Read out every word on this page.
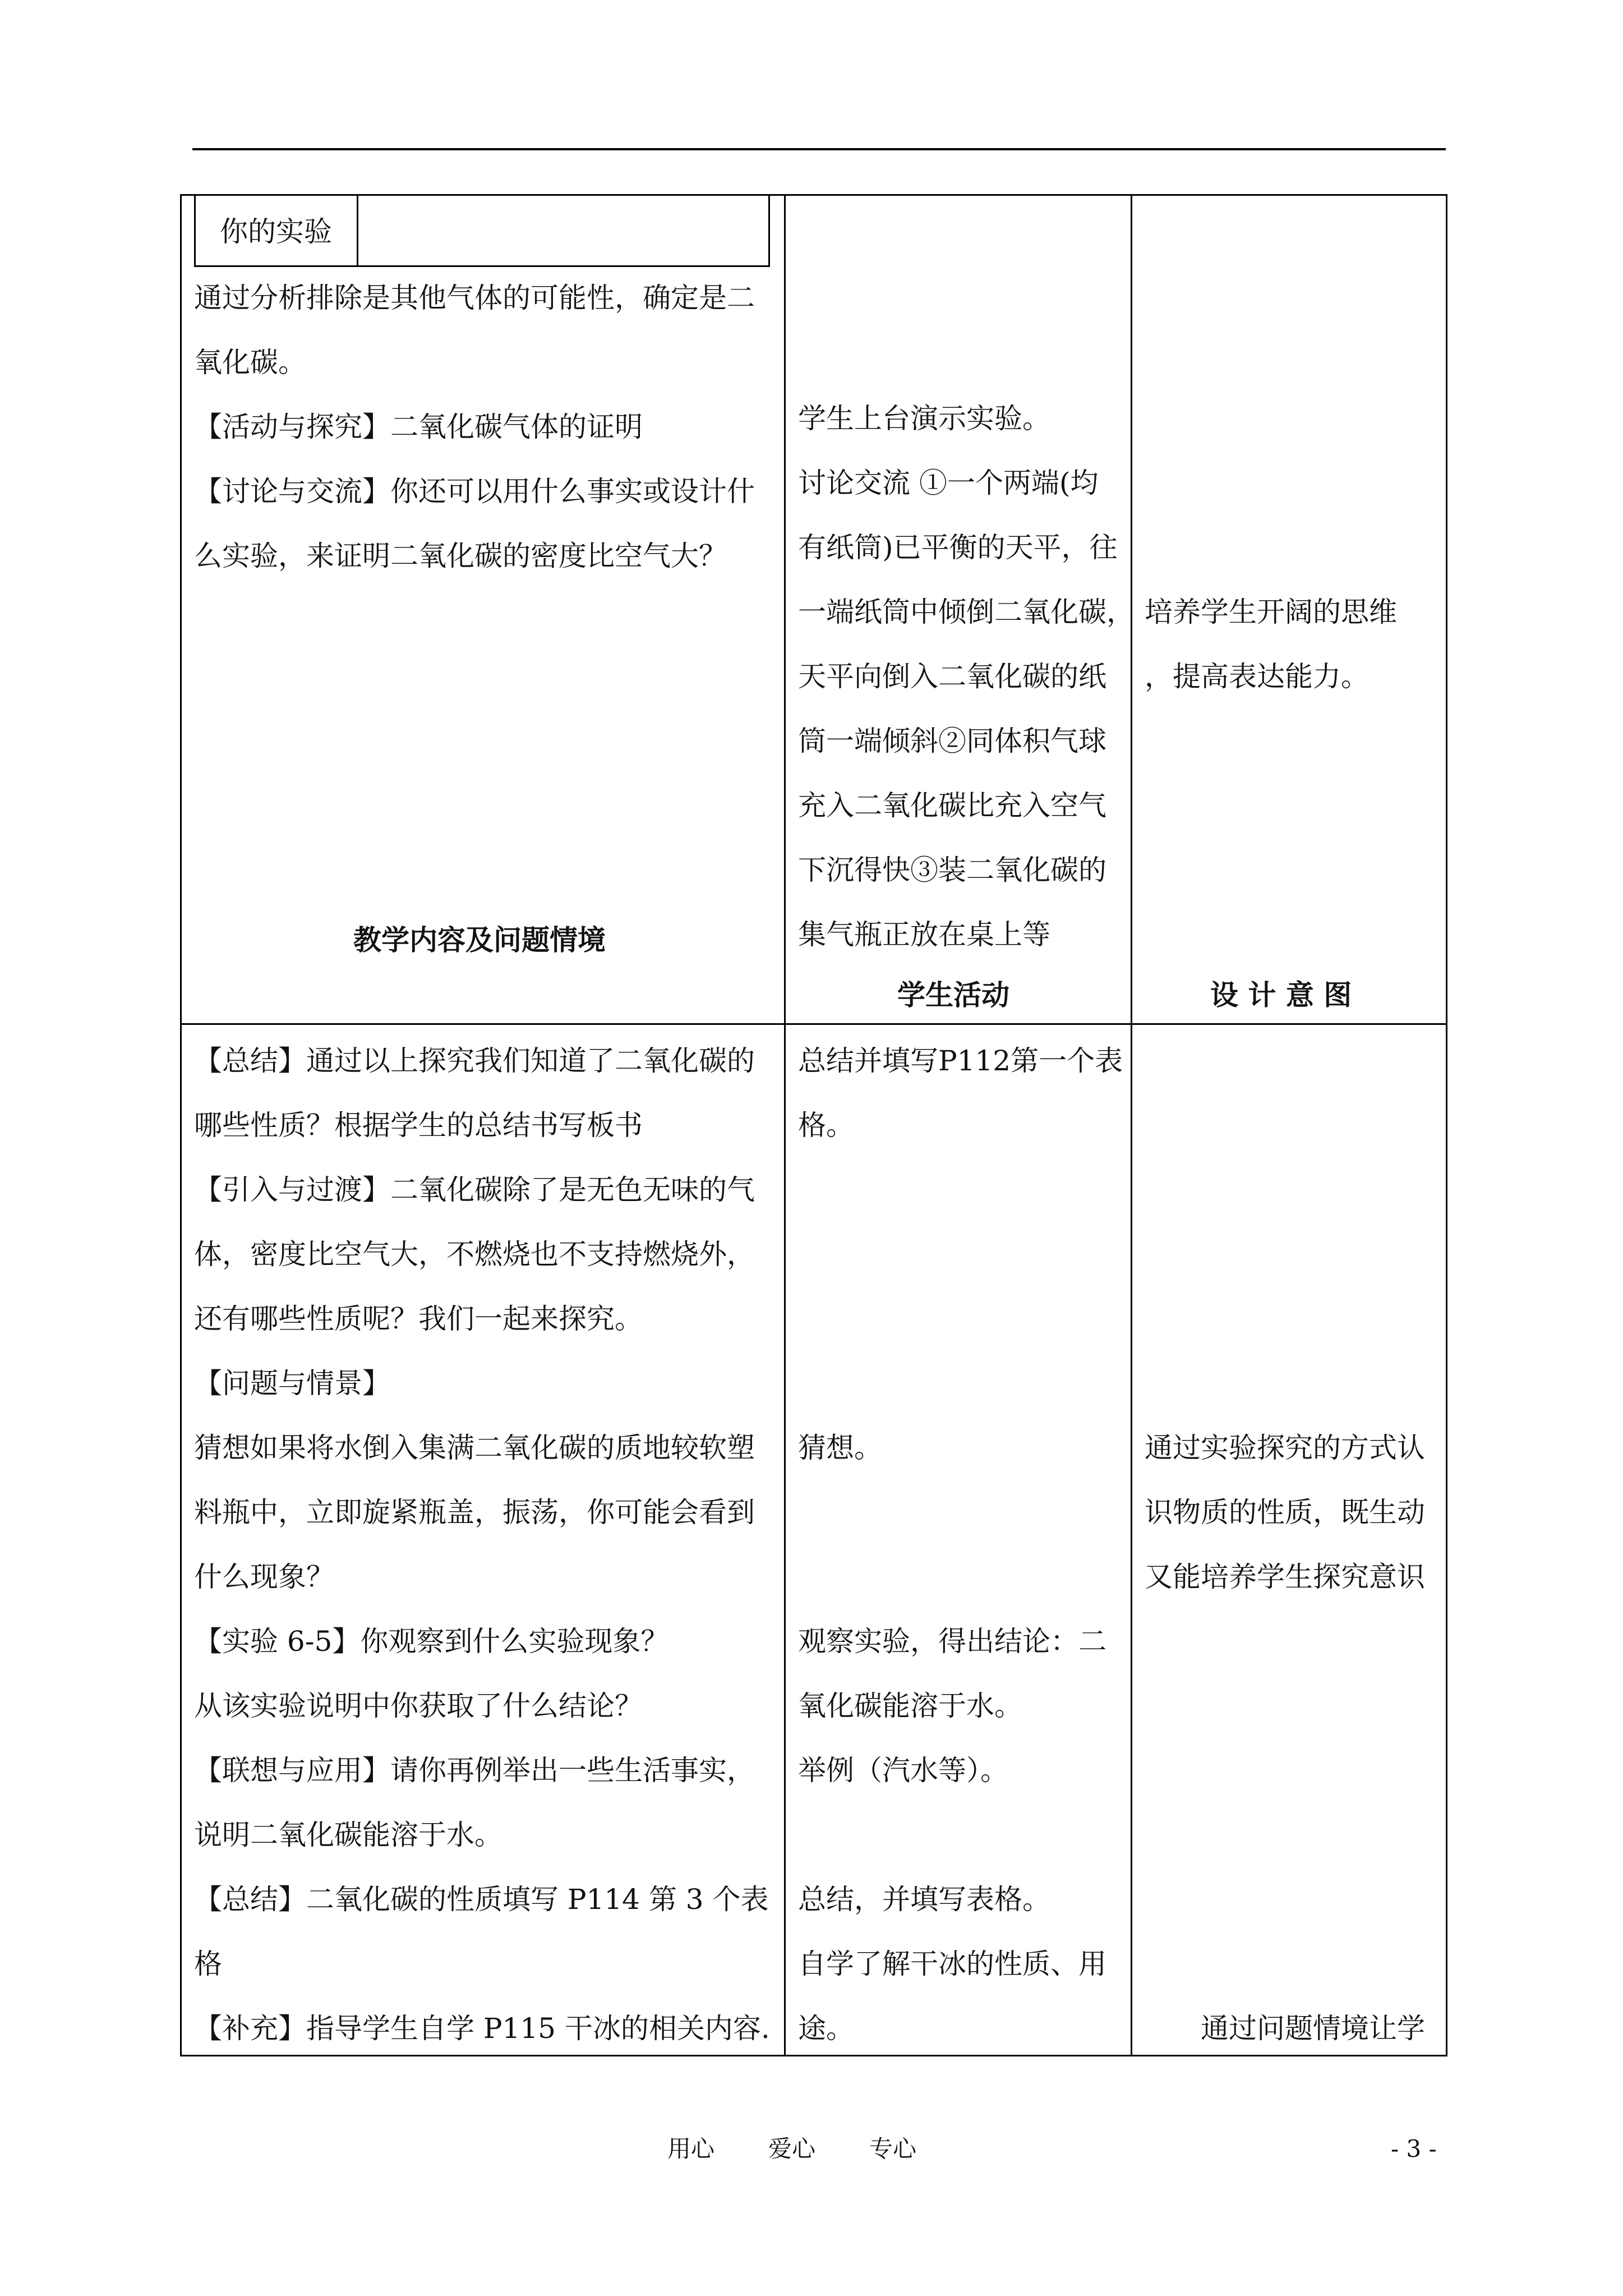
你的实验
通过分析排除是其他气体的可能性，确定是二
氧化碳。
【活动与探究】二氧化碳气体的证明
【讨论与交流】你还可以用什么事实或设计什
么实验，来证明二氧化碳的密度比空气大？
学生上台演示实验。
讨论交流 ①一个两端(均
有纸筒)已平衡的天平，往
一端纸筒中倾倒二氧化碳，
天平向倒入二氧化碳的纸
筒一端倾斜②同体积气球
充入二氧化碳比充入空气
下沉得快③装二氧化碳的
集气瓶正放在桌上等
培养学生开阔的思维
，提高表达能力。
教学内容及问题情境
学生活动	设 计 意 图
【总结】通过以上探究我们知道了二氧化碳的
哪些性质？根据学生的总结书写板书
【引入与过渡】二氧化碳除了是无色无味的气
体，密度比空气大，不燃烧也不支持燃烧外，
还有哪些性质呢？我们一起来探究。
【问题与情景】
猜想如果将水倒入集满二氧化碳的质地较软塑
料瓶中，立即旋紧瓶盖，振荡，你可能会看到
什么现象？
【实验 6-5】你观察到什么实验现象？
从该实验说明中你获取了什么结论？
【联想与应用】请你再例举出一些生活事实，
说明二氧化碳能溶于水。
【总结】二氧化碳的性质填写 P114 第 3 个表
格
【补充】指导学生自学 P115 干冰的相关内容.
总结并填写P112第一个表
格。
猜想。
观察实验，得出结论：二
氧化碳能溶于水。
举例（汽水等）。
总结，并填写表格。
自学了解干冰的性质、用
途。
通过实验探究的方式认
识物质的性质，既生动
又能培养学生探究意识
通过问题情境让学
用心 爱心 专心	- 3 -
